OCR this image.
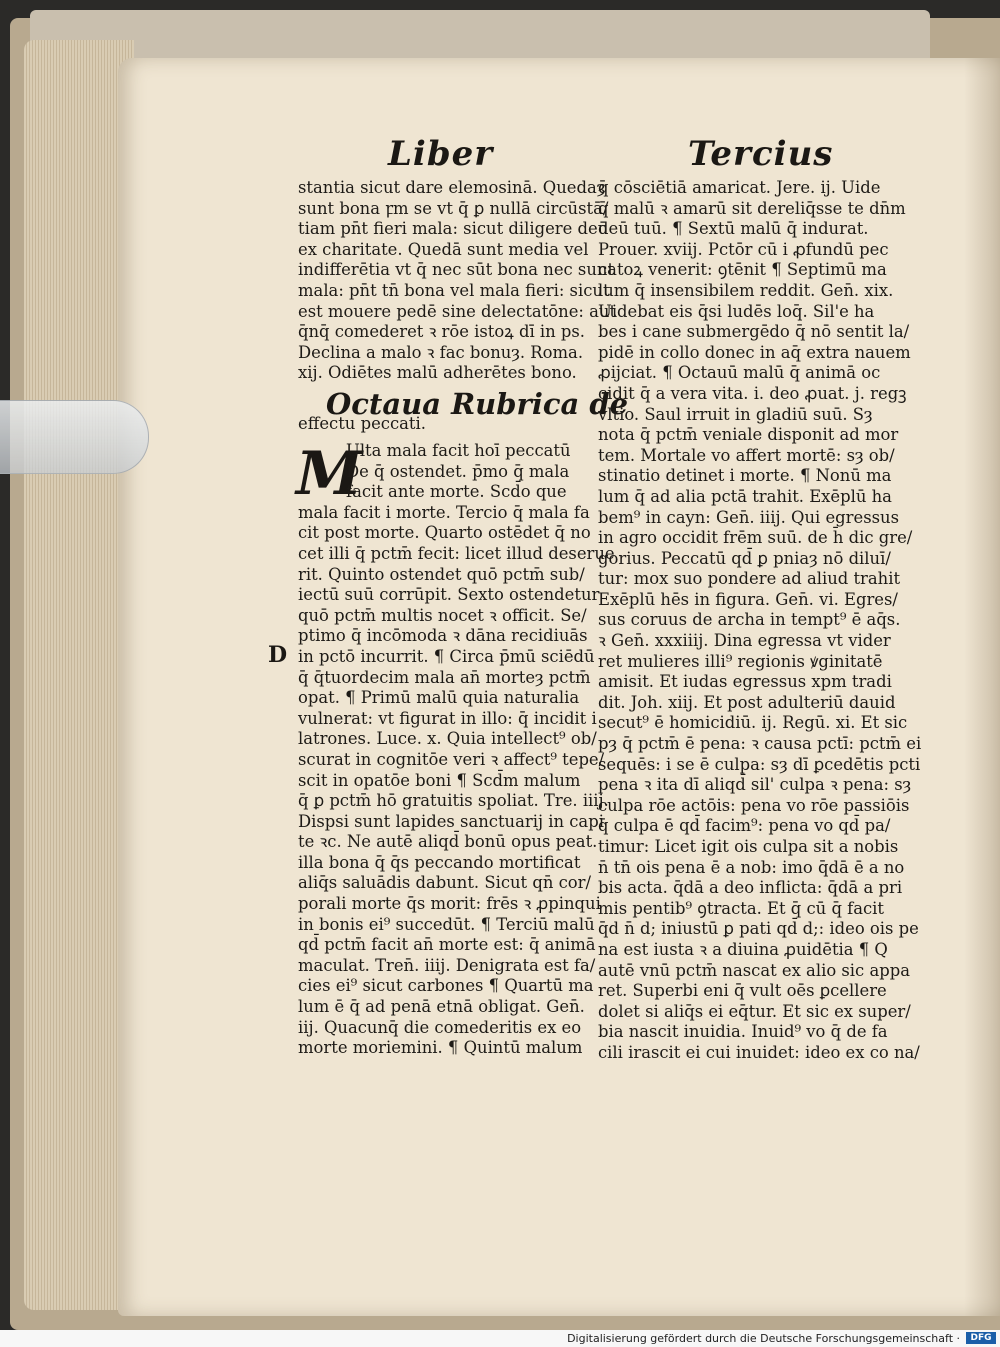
Liber	Tercius
stantia sicut dare elemosinā. Quedaȝ
sunt bona ꝼm se vt q̄ ꝑ nullā circūstā/
tiam pn̄t fieri mala: sicut diligere deū
ex charitate. Quedā sunt media vel
indifferētia vt q̄ nec sūt bona nec sunt
mala: pn̄t tn̄ bona vel mala fieri: sicut
est mouere pedē sine delectatōne: aut
q̄nq̄ comederet ꝛ rōe istoꝝ dī in ps.
Declina a malo ꝛ fac bonuȝ. Roma.
xij. Odiētes malū adherētes bono.
Octaua Rubrica de
effectu peccati.
M
Ulta mala facit hoī peccatū
De q̄ ostendet. p̄mo q̄ mala
facit ante morte. Scd̄o que
mala facit i morte. Tercio q̄ mala fa
cit post morte. Quarto ostēdet q̄ no
cet illi q̄ pctm̄ fecit: licet illud deserue
rit. Quinto ostendet quō pctm̄ sub/
iectū suū corrūpit. Sexto ostendetur
quō pctm̄ multis nocet ꝛ officit. Se/
ptimo q̄ incōmoda ꝛ dāna recidiuās
in pctō incurrit. ¶ Circa p̄mū sciēdū
q̄ q̄tuordecim mala an̄ morteȝ pctm̄
opat. ¶ Primū malū quia naturalia
vulnerat: vt figurat in illo: q̄ incidit i
latrones. Luce. x. Quia intellect⁹ ob/
scurat in cognitōe veri ꝛ affect⁹ tepe/
scit in opatōe boni ¶ Scd̄m malum
q̄ ꝑ pctm̄ hō gratuitis spoliat. Tre. iiij.
Dispsi sunt lapides sanctuarij in capi
te ꝛc. Ne autē aliqd̄ bonū opus peat.
illa bona q̄ q̄s peccando mortificat
aliq̄s saluādis dabunt. Sicut qn̄ cor/
porali morte q̄s morit: frēs ꝛ ꝓpinqui
in bonis ei⁹ succedūt. ¶ Terciū malū
qd̄ pctm̄ facit an̄ morte est: q̄ animā
maculat. Tren̄. iiij. Denigrata est fa/
cies ei⁹ sicut carbones ¶ Quartū ma
lum ē q̄ ad penā etnā obligat. Gen̄.
iij. Quacunq̄ die comederitis ex eo
morte moriemini. ¶ Quintū malum
D
q̄ cōsciētiā amaricat. Jere. ij. Uide
q̄ malū ꝛ amarū sit dereliq̄sse te dn̄m
deū tuū. ¶ Sextū malū q̄ indurat.
Prouer. xviij. Pctōr cū i ꝓfundū pec
catoꝝ venerit: ꝯtēnit ¶ Septimū ma
lum q̄ insensibilem reddit. Gen̄. xix.
Uidebat eis q̄si ludēs loq̄. Sil'e ha
bes i cane submergēdo q̄ nō sentit la/
pidē in collo donec in aq̄ extra nauem
ꝓijciat. ¶ Octauū malū q̄ animā oc
cidit q̄ a vera vita. i. deo ꝓuat. j. regꝫ
vltio. Saul irruit in gladiū suū. Sȝ
nota q̄ pctm̄ veniale disponit ad mor
tem. Mortale vo affert mortē: sȝ ob/
stinatio detinet i morte. ¶ Nonū ma
lum q̄ ad alia pctā trahit. Exēplū ha
bem⁹ in cayn: Gen̄. iiij. Qui egressus
in agro occidit frēm suū. de h̄ dic gre/
gorius. Peccatū qd̄ ꝑ pniaȝ nō diluī/
tur: mox suo pondere ad aliud trahit
Exēplū hēs in figura. Gen̄. vi. Egres/
sus coruus de archa in tempt⁹ ē aq̄s.
ꝛ Gen̄. xxxiiij. Dina egressa vt vider
ret mulieres illi⁹ regionis ꝟginitatē
amisit. Et iudas egressus xpm tradi
dit. Joh. xiij. Et post adulteriū dauid
secut⁹ ē homicidiū. ij. Regū. xi. Et sic
pȝ q̄ pctm̄ ē pena: ꝛ causa pctī: pctm̄ ei
sequēs: i se ē culpa: sȝ dī ꝑcedētis pcti
pena ꝛ ita dī aliqd̄ sil' culpa ꝛ pena: sȝ
culpa rōe actōis: pena vo rōe passiōis
q̄ culpa ē qd̄ facim⁹: pena vo qd̄ pa/
timur: Licet igit ois culpa sit a nobis
n̄ tn̄ ois pena ē a nob: imo q̄dā ē a no
bis acta. q̄dā a deo inflicta: q̄dā a pri
mis pentib⁹ ꝯtracta. Et q̄ cū q̄ facit
q̄d n̄ d; iniustū ꝑ pati qd̄ d;: ideo ois pe
na est iusta ꝛ a diuina ꝓuidētia ¶ Q
autē vnū pctm̄ nascat ex alio sic appa
ret. Superbi eni q̄ vult oēs ꝑcellere
dolet si aliq̄s ei eq̄tur. Et sic ex super/
bia nascit inuidia. Inuid⁹ vo q̄ de fa
cili irascit ei cui inuidet: ideo ex co na/
Digitalisierung gefördert durch die Deutsche Forschungsgemeinschaft ·	DFG
